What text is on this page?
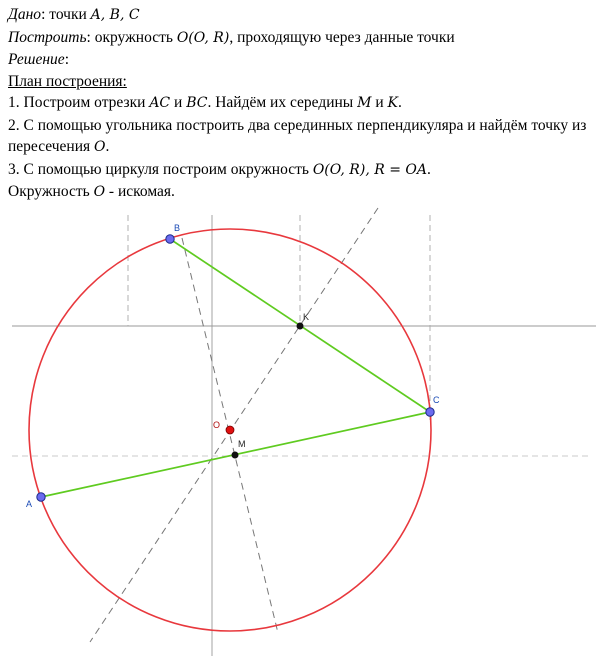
Дано: точки A, B, C
Построить: окружность O(O, R), проходящую через данные точки
Решение:
План построения:
1. Построим отрезки AC и BC. Найдём их середины M и K.
2. С помощью угольника построить два серединных перпендикуляра и найдём точку из пересечения O.
3. С помощью циркуля построим окружность O(O, R), R = OA.
Окружность O - искомая.
B
C
A
K
M
O
